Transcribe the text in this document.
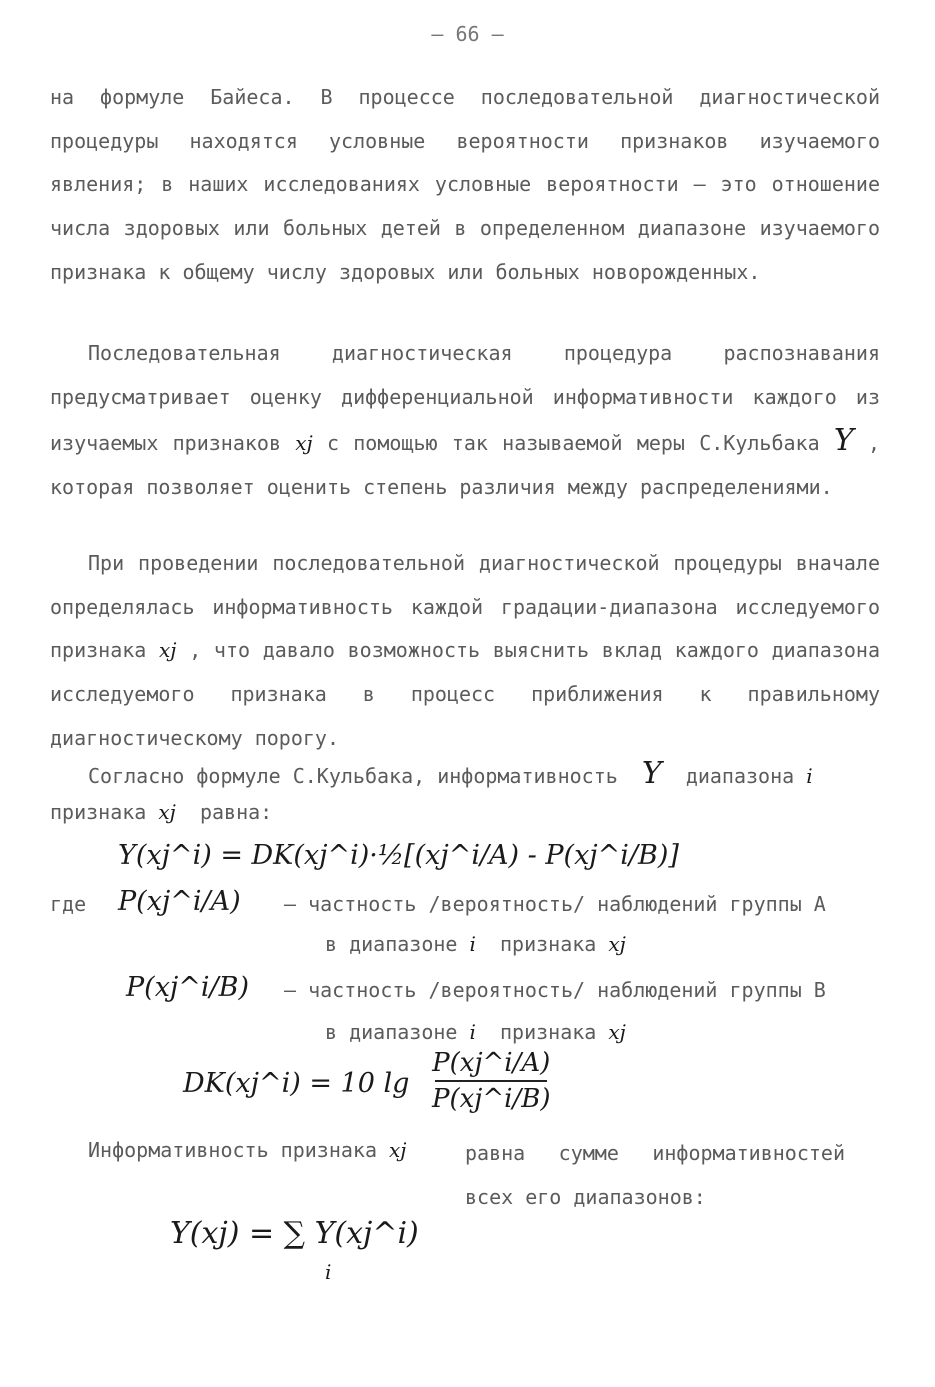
– 66 –

на формуле Байеса. В процессе последовательной диагностической процедуры находятся условные вероятности признаков изучаемого явления; в наших исследованиях условные вероятности – это отношение числа здоровых или больных детей в определенном диапазоне изучаемого признака к общему числу здоровых или больных новорожденных.

Последовательная диагностическая процедура распознавания предусматривает оценку дифференциальной информативности каждого из изучаемых признаков xj с помощью так называемой меры С.Кульбака Y , которая позволяет оценить степень различия между распределениями.

При проведении последовательной диагностической процедуры вначале определялась информативность каждой градации-диапазона исследуемого признака xj , что давало возможность выяснить вклад каждого диапазона исследуемого признака в процесс приближения к правильному диагностическому порогу.

Согласно формуле С.Кульбака, информативность Y диапазона i
признака xj равна:
Y(xj^i) = DK(xj^i)·½[(xj^i/A) - P(xj^i/B)]
где P(xj^i/A) – частность /вероятность/ наблюдений группы А
в диапазоне i признака xj
P(xj^i/B) – частность /вероятность/ наблюдений группы В
в диапазоне i признака xj
DK(xj^i) = 10 lg
P(xj^i/A)
P(xj^i/B)
Информативность признака xj	равна сумме информативностей всех его диапазонов:

Y(xj) = ∑ Y(xj^i)
i
